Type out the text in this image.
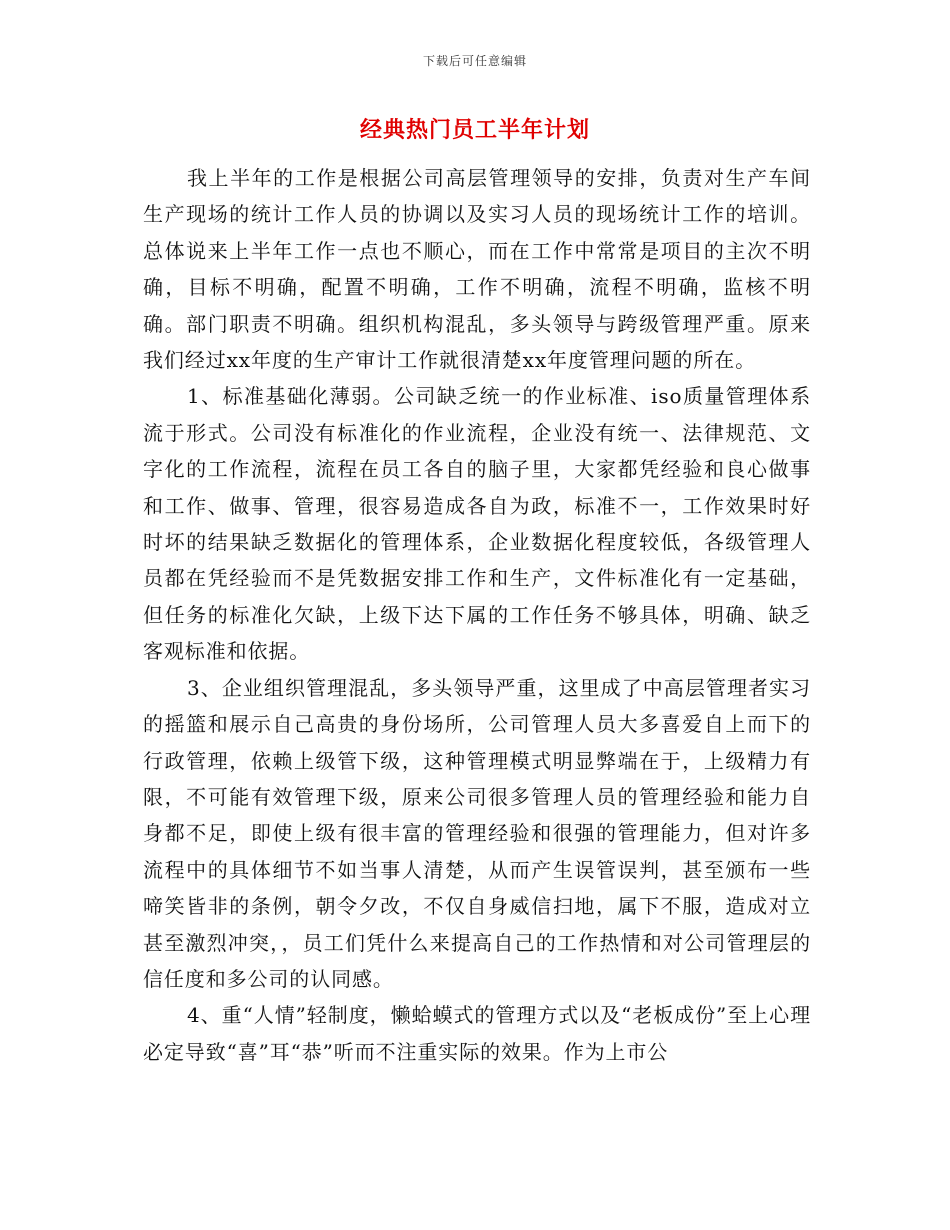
下载后可任意编辑
经典热门员工半年计划

我上半年的工作是根据公司高层管理领导的安排，负责对生产车间生产现场的统计工作人员的协调以及实习人员的现场统计工作的培训。总体说来上半年工作一点也不顺心，而在工作中常常是项目的主次不明确，目标不明确，配置不明确，工作不明确，流程不明确，监核不明确。部门职责不明确。组织机构混乱，多头领导与跨级管理严重。原来我们经过xx年度的生产审计工作就很清楚xx年度管理问题的所在。

1、标准基础化薄弱。公司缺乏统一的作业标准、iso质量管理体系流于形式。公司没有标准化的作业流程，企业没有统一、法律规范、文字化的工作流程，流程在员工各自的脑子里，大家都凭经验和良心做事和工作、做事、管理，很容易造成各自为政，标准不一，工作效果时好时坏的结果缺乏数据化的管理体系，企业数据化程度较低，各级管理人员都在凭经验而不是凭数据安排工作和生产，文件标准化有一定基础，但任务的标准化欠缺，上级下达下属的工作任务不够具体，明确、缺乏客观标准和依据。

3、企业组织管理混乱，多头领导严重，这里成了中高层管理者实习的摇篮和展示自己高贵的身份场所，公司管理人员大多喜爱自上而下的行政管理，依赖上级管下级，这种管理模式明显弊端在于，上级精力有限，不可能有效管理下级，原来公司很多管理人员的管理经验和能力自身都不足，即使上级有很丰富的管理经验和很强的管理能力，但对许多流程中的具体细节不如当事人清楚，从而产生误管误判，甚至颁布一些啼笑皆非的条例，朝令夕改，不仅自身威信扫地，属下不服，造成对立甚至激烈冲突，，员工们凭什么来提高自己的工作热情和对公司管理层的信任度和多公司的认同感。

4、重“人情”轻制度，懒蛤蟆式的管理方式以及“老板成份”至上心理必定导致“喜”耳“恭”听而不注重实际的效果。作为上市公
